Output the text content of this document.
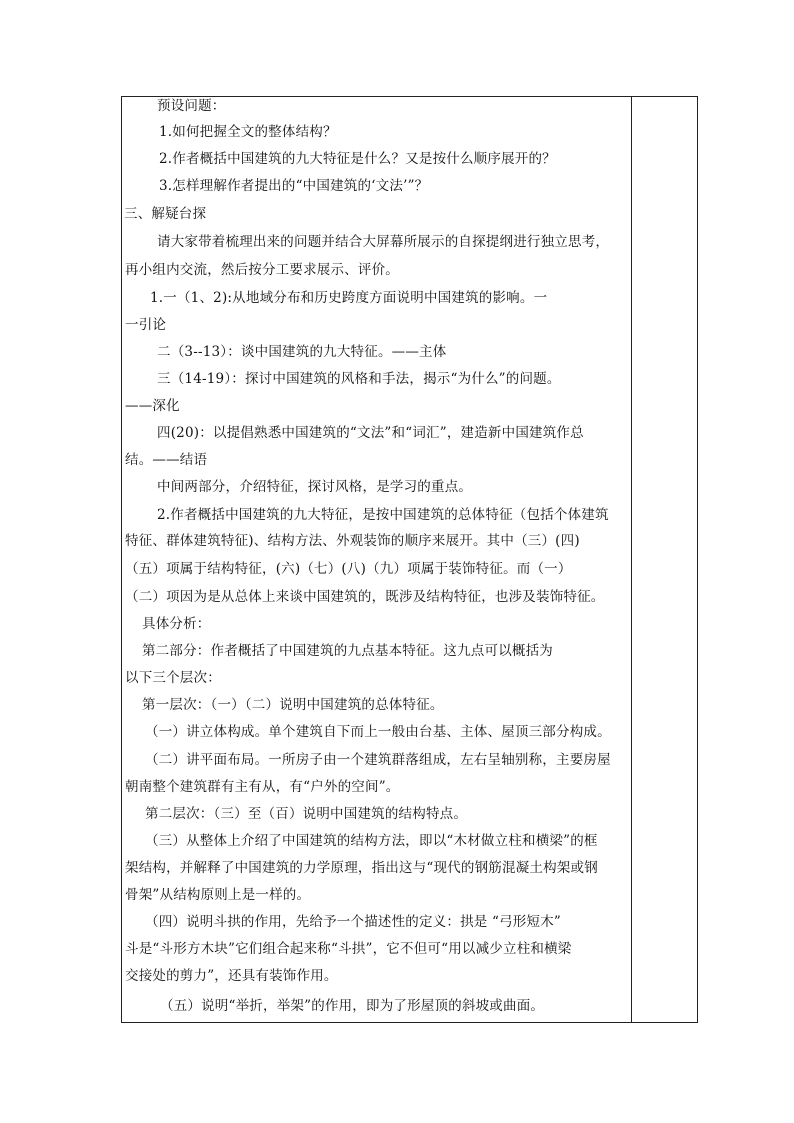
预设问题：
1.如何把握全文的整体结构？
2.作者概括中国建筑的九大特征是什么？又是按什么顺序展开的？
3.怎样理解作者提出的“中国建筑的‘文法’”？
三、解疑台探
请大家带着梳理出来的问题并结合大屏幕所展示的自探提纲进行独立思考，
再小组内交流，然后按分工要求展示、评价。
1.一（1、2):从地域分布和历史跨度方面说明中国建筑的影响。一
一引论
二（3--13）：谈中国建筑的九大特征。——主体
三（14-19）：探讨中国建筑的风格和手法，揭示“为什么”的问题。
——深化
四(20)：以提倡熟悉中国建筑的“文法”和“词汇”，建造新中国建筑作总
结。——结语
中间两部分，介绍特征，探讨风格，是学习的重点。
2.作者概括中国建筑的九大特征，是按中国建筑的总体特征（包括个体建筑
特征、群体建筑特征)、结构方法、外观装饰的顺序来展开。其中（三）(四)
（五）项属于结构特征，(六)（七）(八)（九）项属于装饰特征。而（一）
（二）项因为是从总体上来谈中国建筑的，既涉及结构特征，也涉及装饰特征。
具体分析：
第二部分：作者概括了中国建筑的九点基本特征。这九点可以概括为
以下三个层次：
第一层次：（一）（二）说明中国建筑的总体特征。
（一）讲立体构成。单个建筑自下而上一般由台基、主体、屋顶三部分构成。
（二）讲平面布局。一所房子由一个建筑群落组成，左右呈轴别称，主要房屋
朝南整个建筑群有主有从，有“户外的空间”。
第二层次：（三）至（百）说明中国建筑的结构特点。
（三）从整体上介绍了中国建筑的结构方法，即以“木材做立柱和横梁”的框
架结构，并解释了中国建筑的力学原理，指出这与“现代的钢筋混凝土构架或钢
骨架”从结构原则上是一样的。
（四）说明斗拱的作用，先给予一个描述性的定义：拱是 “弓形短木”
斗是“斗形方木块”它们组合起来称“斗拱”，它不但可“用以减少立柱和横梁
交接处的剪力”，还具有装饰作用。
（五）说明“举折，举架”的作用，即为了形屋顶的斜坡或曲面。
